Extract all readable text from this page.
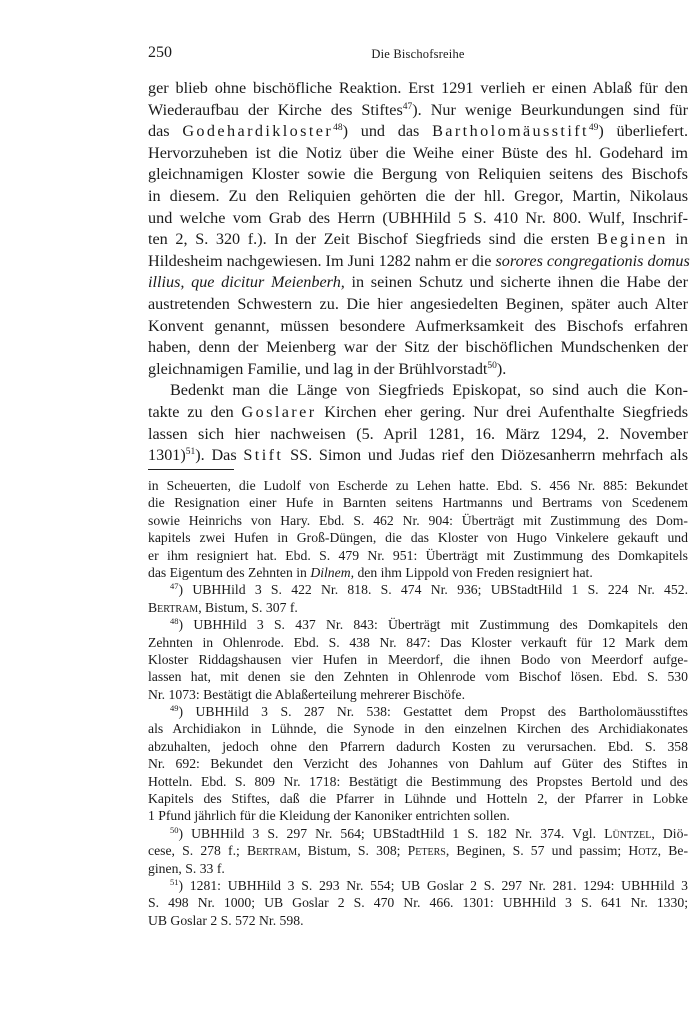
250	Die Bischofsreihe
ger blieb ohne bischöfliche Reaktion. Erst 1291 verlieh er einen Ablaß für den
Wiederaufbau der Kirche des Stiftes$^{47}$). Nur wenige Beurkundungen sind für
das Godehardikloster$^{48}$) und das Bartholomäusstift$^{49}$) überliefert.
Hervorzuheben ist die Notiz über die Weihe einer Büste des hl. Godehard im
gleichnamigen Kloster sowie die Bergung von Reliquien seitens des Bischofs
in diesem. Zu den Reliquien gehörten die der hll. Gregor, Martin, Nikolaus
und welche vom Grab des Herrn (UBHHild 5 S. 410 Nr. 800. Wulf, Inschrif-
ten 2, S. 320 f.). In der Zeit Bischof Siegfrieds sind die ersten Beginen in
Hildesheim nachgewiesen. Im Juni 1282 nahm er die sorores congregationis domus
illius, que dicitur Meienberh, in seinen Schutz und sicherte ihnen die Habe der
austretenden Schwestern zu. Die hier angesiedelten Beginen, später auch Alter
Konvent genannt, müssen besondere Aufmerksamkeit des Bischofs erfahren
haben, denn der Meienberg war der Sitz der bischöflichen Mundschenken der
gleichnamigen Familie, und lag in der Brühlvorstadt$^{50}$).
Bedenkt man die Länge von Siegfrieds Episkopat, so sind auch die Kon-
takte zu den Goslarer Kirchen eher gering. Nur drei Aufenthalte Siegfrieds
lassen sich hier nachweisen (5. April 1281, 16. März 1294, 2. November
1301)$^{51}$). Das Stift SS. Simon und Judas rief den Diözesanherrn mehrfach als
in Scheuerten, die Ludolf von Escherde zu Lehen hatte. Ebd. S. 456 Nr. 885: Bekundet
die Resignation einer Hufe in Barnten seitens Hartmanns und Bertrams von Scedenem
sowie Heinrichs von Hary. Ebd. S. 462 Nr. 904: Überträgt mit Zustimmung des Dom-
kapitels zwei Hufen in Groß-Düngen, die das Kloster von Hugo Vinkelere gekauft und
er ihm resigniert hat. Ebd. S. 479 Nr. 951: Überträgt mit Zustimmung des Domkapitels
das Eigentum des Zehnten in Dilnem, den ihm Lippold von Freden resigniert hat.
$^{47}$) UBHHild 3 S. 422 Nr. 818. S. 474 Nr. 936; UBStadtHild 1 S. 224 Nr. 452.
Bertram, Bistum, S. 307 f.
$^{48}$) UBHHild 3 S. 437 Nr. 843: Überträgt mit Zustimmung des Domkapitels den
Zehnten in Ohlenrode. Ebd. S. 438 Nr. 847: Das Kloster verkauft für 12 Mark dem
Kloster Riddagshausen vier Hufen in Meerdorf, die ihnen Bodo von Meerdorf aufge-
lassen hat, mit denen sie den Zehnten in Ohlenrode vom Bischof lösen. Ebd. S. 530
Nr. 1073: Bestätigt die Ablaßerteilung mehrerer Bischöfe.
$^{49}$) UBHHild 3 S. 287 Nr. 538: Gestattet dem Propst des Bartholomäusstiftes
als Archidiakon in Lühnde, die Synode in den einzelnen Kirchen des Archidiakonates
abzuhalten, jedoch ohne den Pfarrern dadurch Kosten zu verursachen. Ebd. S. 358
Nr. 692: Bekundet den Verzicht des Johannes von Dahlum auf Güter des Stiftes in
Hotteln. Ebd. S. 809 Nr. 1718: Bestätigt die Bestimmung des Propstes Bertold und des
Kapitels des Stiftes, daß die Pfarrer in Lühnde und Hotteln 2, der Pfarrer in Lobke
1 Pfund jährlich für die Kleidung der Kanoniker entrichten sollen.
$^{50}$) UBHHild 3 S. 297 Nr. 564; UBStadtHild 1 S. 182 Nr. 374. Vgl. Lüntzel, Diö-
cese, S. 278 f.; Bertram, Bistum, S. 308; Peters, Beginen, S. 57 und passim; Hotz, Be-
ginen, S. 33 f.
$^{51}$) 1281: UBHHild 3 S. 293 Nr. 554; UB Goslar 2 S. 297 Nr. 281. 1294: UBHHild 3
S. 498 Nr. 1000; UB Goslar 2 S. 470 Nr. 466. 1301: UBHHild 3 S. 641 Nr. 1330;
UB Goslar 2 S. 572 Nr. 598.
